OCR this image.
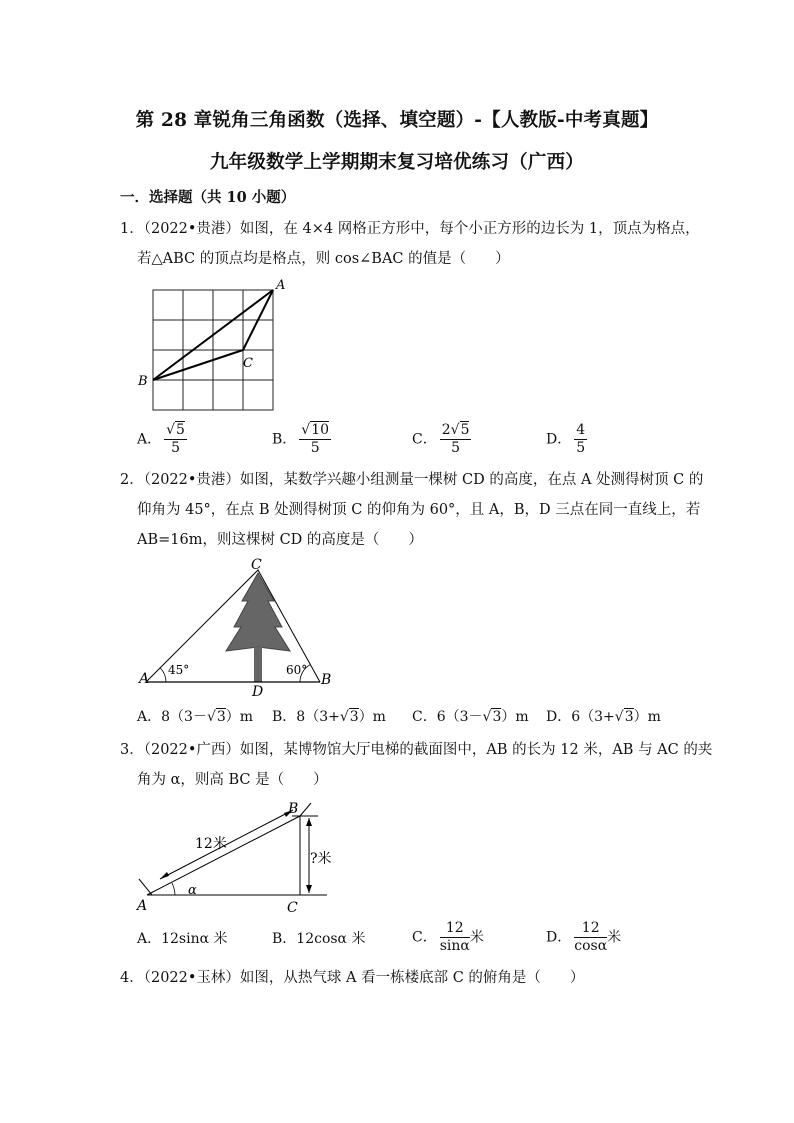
第 28 章锐角三角函数（选择、填空题）-【人教版-中考真题】
九年级数学上学期期末复习培优练习（广西）
一．选择题（共 10 小题）
1．（2022•贵港）如图，在 4×4 网格正方形中，每个小正方形的边长为 1，顶点为格点，
若△ABC 的顶点均是格点，则 cos∠BAC 的值是（　　）
A
B
C
A． $\frac{√5}{5}$	B． $\frac{√10}{5}$	C． $\frac{2√5}{5}$	D． $\frac{4}{5}$
2．（2022•贵港）如图，某数学兴趣小组测量一棵树 CD 的高度，在点 A 处测得树顶 C 的
仰角为 45°，在点 B 处测得树顶 C 的仰角为 60°，且 A，B，D 三点在同一直线上，若
AB=16m，则这棵树 CD 的高度是（　　）
C
A	B
D
45°	60°
A．8（3－√3）m B．8（3+√3）m C．6（3－√3）m D．6（3+√3）m
3．（2022•广西）如图，某博物馆大厅电梯的截面图中，AB 的长为 12 米，AB 与 AC 的夹
角为 α，则高 BC 是（　　）
12米
?米
α
A
B
C
A．12sinα 米	B．12cosα 米	C． $\frac{12}{\sin\alpha}$ 米	D． $\frac{12}{\cos\alpha}$ 米
4．（2022•玉林）如图，从热气球 A 看一栋楼底部 C 的俯角是（　　）
